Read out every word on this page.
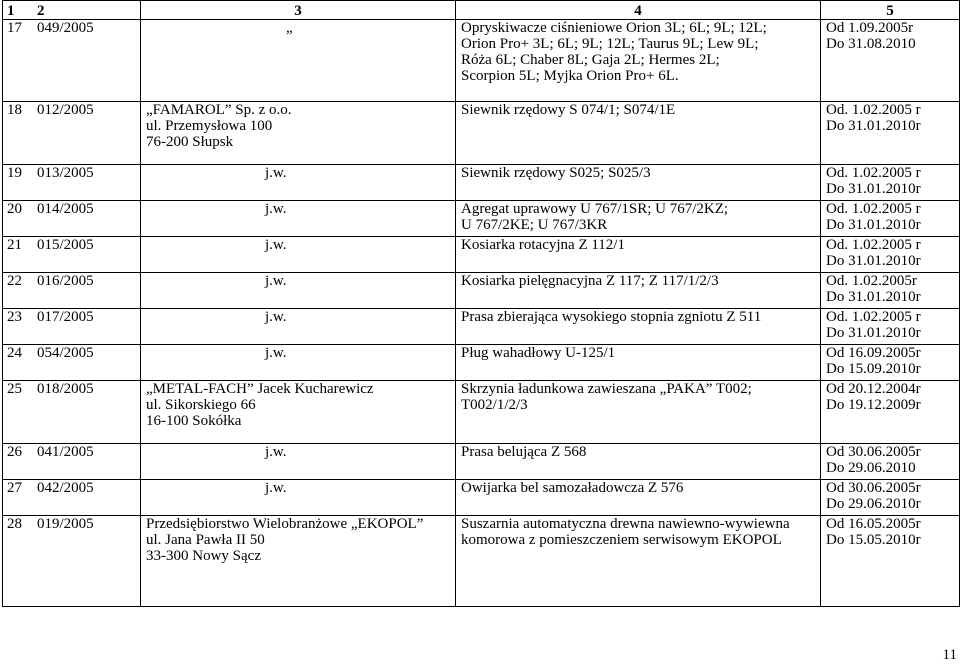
1 2	3	4	5
17 049/2005	„	Opryskiwacze ciśnieniowe Orion 3L; 6L; 9L; 12L;
Orion Pro+ 3L; 6L; 9L; 12L; Taurus 9L; Lew 9L;
Róża 6L; Chaber 8L; Gaja 2L; Hermes 2L;
Scorpion 5L; Myjka Orion Pro+ 6L.	Od 1.09.2005r
Do 31.08.2010
18 012/2005	„FAMAROL” Sp. z o.o.
ul. Przemysłowa 100
76-200 Słupsk	Siewnik rzędowy S 074/1; S074/1E	Od. 1.02.2005 r
Do 31.01.2010r
19 013/2005	j.w.	Siewnik rzędowy S025; S025/3	Od. 1.02.2005 r
Do 31.01.2010r
20 014/2005	j.w.	Agregat uprawowy U 767/1SR; U 767/2KZ;
U 767/2KE; U 767/3KR	Od. 1.02.2005 r
Do 31.01.2010r
21 015/2005	j.w.	Kosiarka rotacyjna Z 112/1	Od. 1.02.2005 r
Do 31.01.2010r
22 016/2005	j.w.	Kosiarka pielęgnacyjna Z 117; Z 117/1/2/3	Od. 1.02.2005r
Do 31.01.2010r
23 017/2005	j.w.	Prasa zbierająca wysokiego stopnia zgniotu Z 511	Od. 1.02.2005 r
Do 31.01.2010r
24 054/2005	j.w.	Pług wahadłowy U-125/1	Od 16.09.2005r
Do 15.09.2010r
25 018/2005	„METAL-FACH” Jacek Kucharewicz
ul. Sikorskiego 66
16-100 Sokółka	Skrzynia ładunkowa zawieszana „PAKA” T002;
T002/1/2/3	Od 20.12.2004r
Do 19.12.2009r
26 041/2005	j.w.	Prasa belująca Z 568	Od 30.06.2005r
Do 29.06.2010
27 042/2005	j.w.	Owijarka bel samozaładowcza Z 576	Od 30.06.2005r
Do 29.06.2010r
28 019/2005	Przedsiębiorstwo Wielobranżowe „EKOPOL”
ul. Jana Pawła II 50
33-300 Nowy Sącz	Suszarnia automatyczna drewna nawiewno-wywiewna
komorowa z pomieszczeniem serwisowym EKOPOL	Od 16.05.2005r
Do 15.05.2010r
11
